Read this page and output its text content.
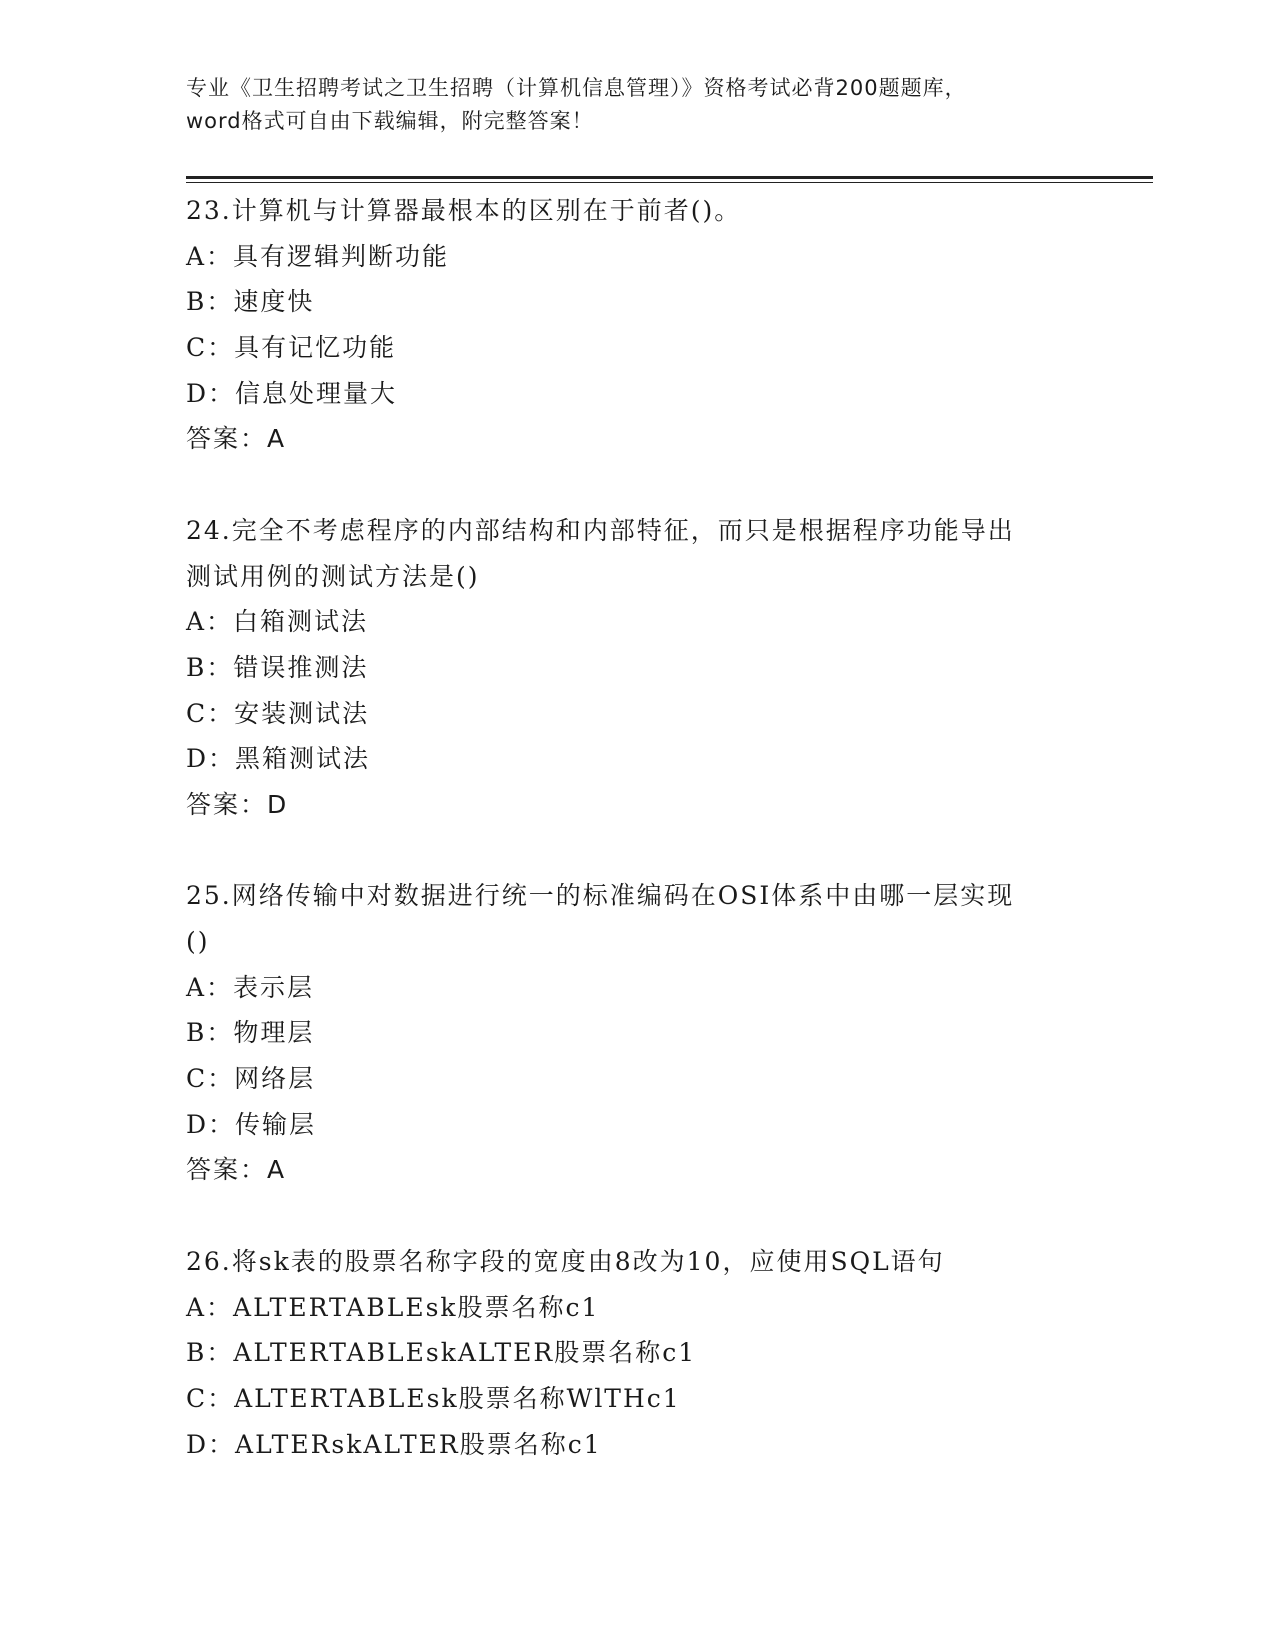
专业《卫生招聘考试之卫生招聘（计算机信息管理）》资格考试必背200题题库，
word格式可自由下载编辑，附完整答案！
23.计算机与计算器最根本的区别在于前者()。
A：具有逻辑判断功能
B：速度快
C：具有记忆功能
D：信息处理量大
答案：A
24.完全不考虑程序的内部结构和内部特征，而只是根据程序功能导出
测试用例的测试方法是()
A：白箱测试法
B：错误推测法
C：安装测试法
D：黑箱测试法
答案：D
25.网络传输中对数据进行统一的标准编码在OSI体系中由哪一层实现
()
A：表示层
B：物理层
C：网络层
D：传输层
答案：A
26.将sk表的股票名称字段的宽度由8改为10，应使用SQL语句
A：ALTERTABLEsk股票名称c1
B：ALTERTABLEskALTER股票名称c1
C：ALTERTABLEsk股票名称WlTHc1
D：ALTERskALTER股票名称c1
